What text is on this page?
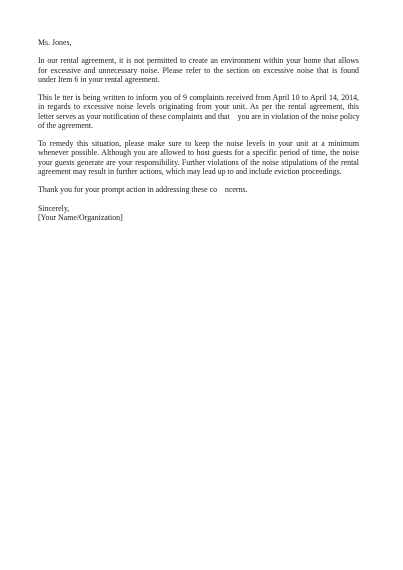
Ms. Jones,
In our rental agreement, it is not permitted to create an environment within your home that allows
for excessive and unnecessary noise. Please refer to the section on excessive noise that is found
under Item 6 in your rental agreement.
This le tter is being written to inform you of 9 complaints received from April 10 to April 14, 2014,
in regards to excessive noise levels originating from your unit. As per the rental agreement, this
letter serves as your notification of these complaints and that    you are in violation of the noise policy
of the agreement.
To remedy this situation, please make sure to keep the noise levels in your unit at a minimum
whenever possible. Although you are allowed to host guests for a specific period of time, the noise
your guests generate are your responsibility. Further violations of the noise stipulations of the rental
agreement may result in further actions, which may lead up to and include eviction proceedings.
Thank you for your prompt action in addressing these co    ncerns.
Sincerely,
[Your Name/Organization]
